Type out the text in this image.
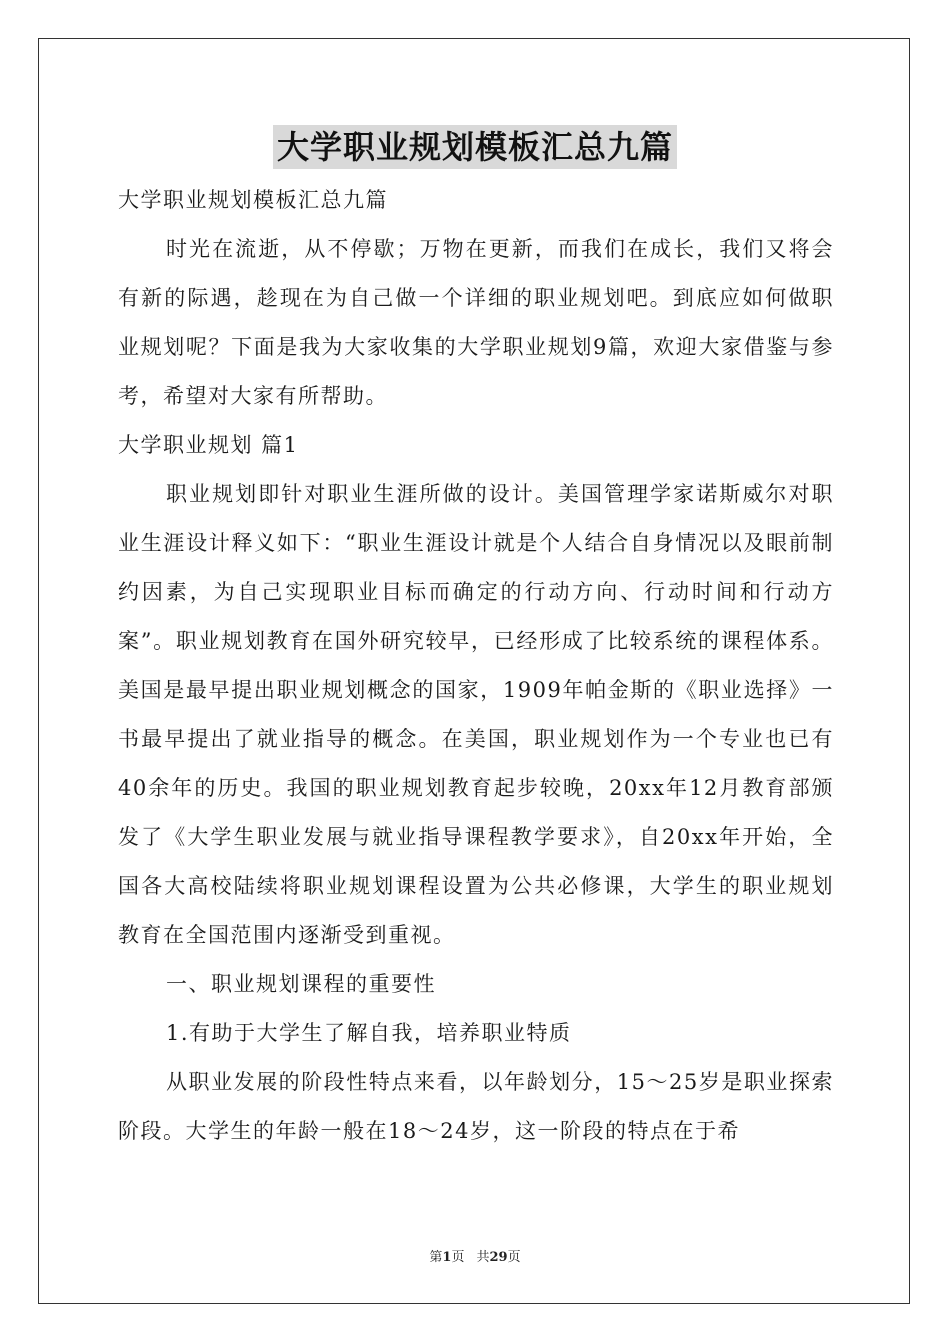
大学职业规划模板汇总九篇

大学职业规划模板汇总九篇

时光在流逝，从不停歇；万物在更新，而我们在成长，我们又将会有新的际遇，趁现在为自己做一个详细的职业规划吧。到底应如何做职业规划呢？下面是我为大家收集的大学职业规划9篇，欢迎大家借鉴与参考，希望对大家有所帮助。

大学职业规划 篇1

职业规划即针对职业生涯所做的设计。美国管理学家诺斯威尔对职业生涯设计释义如下：“职业生涯设计就是个人结合自身情况以及眼前制约因素，为自己实现职业目标而确定的行动方向、行动时间和行动方案”。职业规划教育在国外研究较早，已经形成了比较系统的课程体系。美国是最早提出职业规划概念的国家，1909年帕金斯的《职业选择》一书最早提出了就业指导的概念。在美国，职业规划作为一个专业也已有40余年的历史。我国的职业规划教育起步较晚，20xx年12月教育部颁发了《大学生职业发展与就业指导课程教学要求》，自20xx年开始，全国各大高校陆续将职业规划课程设置为公共必修课，大学生的职业规划教育在全国范围内逐渐受到重视。

一、职业规划课程的重要性

1.有助于大学生了解自我，培养职业特质

从职业发展的阶段性特点来看，以年龄划分，15～25岁是职业探索阶段。大学生的年龄一般在18～24岁，这一阶段的特点在于希

第1页 共29页
